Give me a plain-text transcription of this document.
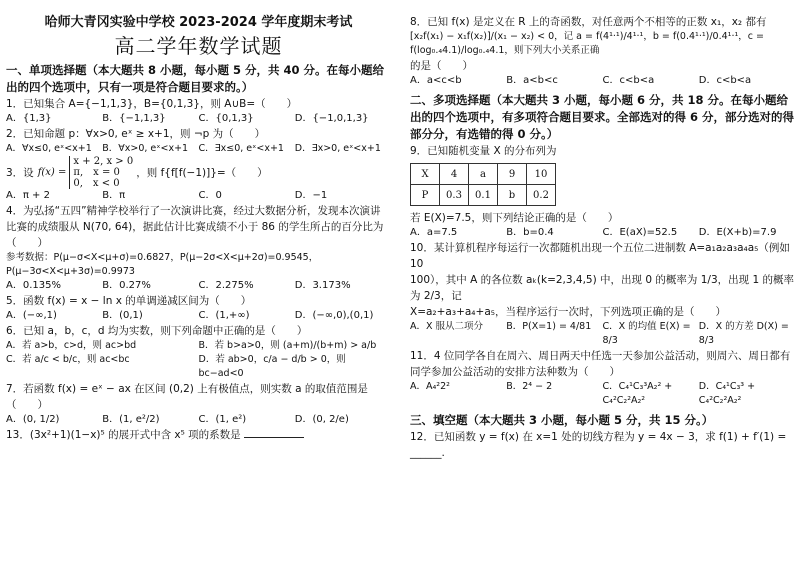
哈师大青冈实验中学校 2023-2024 学年度期末考试
高二学年数学试题
一、单项选择题（本大题共 8 小题，每小题 5 分，共 40 分。在每小题给出的四个选项中，只有一项是符合题目要求的。）
1．已知集合 A={−1,1,3}，B={0,1,3}，则 A∪B=（　　）
A．{1,3}	B．{−1,1,3}	C．{0,1,3}	D．{−1,0,1,3}
2．已知命题 p：∀x>0, eˣ ≥ x+1，则 ¬p 为（　　）
A．∀x≤0, eˣ<x+1	B．∀x>0, eˣ<x+1	C．∃x≤0, eˣ<x+1	D．∃x>0, eˣ<x+1
3．设 f(x) =
x + 2, x > 0
π,　x = 0
0,　x < 0
，则 f{f[f(−1)]}=（　　）
A．π + 2	B．π	C．0	D．−1
4．为弘扬“五四”精神学校举行了一次演讲比赛，经过大数据分析，发现本次演讲比赛的成绩服从 N(70, 64)，据此估计比赛成绩不小于 86 的学生所占的百分比为（　　）
参考数据：P(μ−σ<X<μ+σ)=0.6827，P(μ−2σ<X<μ+2σ)=0.9545，
P(μ−3σ<X<μ+3σ)=0.9973
A．0.135%	B．0.27%	C．2.275%	D．3.173%
5．函数 f(x) = x − ln x 的单调递减区间为（　　）
A．(−∞,1)	B．(0,1)	C．(1,+∞)	D．(−∞,0),(0,1)
6．已知 a，b，c，d 均为实数，则下列命题中正确的是（　　）
A．若 a>b，c>d，则 ac>bd	B．若 b>a>0，则 (a+m)/(b+m) > a/b
C．若 a/c < b/c，则 ac<bc	D．若 ab>0，c/a − d/b > 0，则 bc−ad<0
7．若函数 f(x) = eˣ − ax 在区间 (0,2) 上有极值点，则实数 a 的取值范围是（　　）
A．(0, 1/2)	B．(1, e²/2)	C．(1, e²)	D．(0, 2/e)
13．(3x²+1)(1−x)⁵ 的展开式中含 x⁵ 项的系数是
8．已知 f(x) 是定义在 R 上的奇函数，对任意两个不相等的正数 x₁，x₂ 都有
[x₂f(x₁) − x₁f(x₂)]/(x₁ − x₂) < 0，记 a = f(4¹·¹)/4¹·¹，b = f(0.4¹·¹)/0.4¹·¹，c = f(log₀.₄4.1)/log₀.₄4.1，则下列大小关系正确
的是（　　）
A．a<c<b	B．a<b<c	C．c<b<a	D．c<b<a
二、多项选择题（本大题共 3 小题，每小题 6 分，共 18 分。在每小题给出的四个选项中，有多项符合题目要求。全部选对的得 6 分，部分选对的得部分分，有选错的得 0 分。）
9．已知随机变量 X 的分布列为
X	4	a	9	10
P	0.3	0.1	b	0.2
若 E(X)=7.5，则下列结论正确的是（　　）
A．a=7.5	B．b=0.4	C．E(aX)=52.5	D．E(X+b)=7.9
10．某计算机程序每运行一次都随机出现一个五位二进制数 A=a₁a₂a₃a₄a₅（例如 10
100），其中 A 的各位数 aₖ(k=2,3,4,5) 中，出现 0 的概率为 1/3，出现 1 的概率为 2/3，记
X=a₂+a₃+a₄+a₅，当程序运行一次时，下列选项正确的是（　　）
A．X 服从二项分	B．P(X=1) = 4/81	C．X 的均值 E(X) = 8/3
D．X 的方差 D(X) = 8/3
11．4 位同学各自在周六、周日两天中任选一天参加公益活动，则周六、周日都有同学参加公益活动的安排方法种数为（　　）
A．A₄²2²	B．2⁴ − 2	C．C₄¹C₃³A₂² + C₄²C₂²A₂²
D．C₄¹C₃³ + C₄²C₂²A₂²
三、填空题（本大题共 3 小题，每小题 5 分，共 15 分。）
12．已知函数 y = f(x) 在 x=1 处的切线方程为 y = 4x − 3，求 f(1) + f′(1) = ______.
